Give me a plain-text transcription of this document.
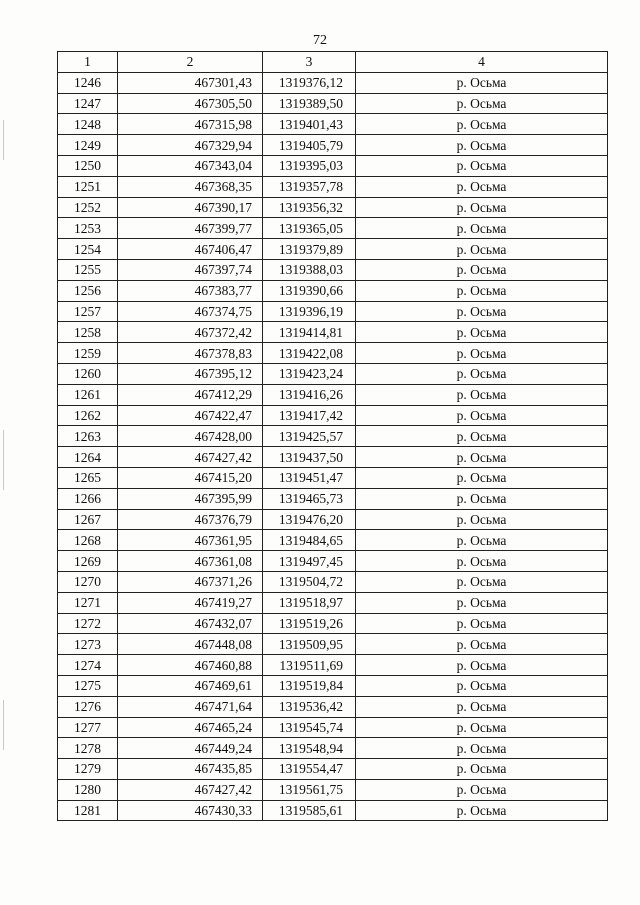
72
1	2	3	4
1246	467301,43	1319376,12	р. Осьма
1247	467305,50	1319389,50	р. Осьма
1248	467315,98	1319401,43	р. Осьма
1249	467329,94	1319405,79	р. Осьма
1250	467343,04	1319395,03	р. Осьма
1251	467368,35	1319357,78	р. Осьма
1252	467390,17	1319356,32	р. Осьма
1253	467399,77	1319365,05	р. Осьма
1254	467406,47	1319379,89	р. Осьма
1255	467397,74	1319388,03	р. Осьма
1256	467383,77	1319390,66	р. Осьма
1257	467374,75	1319396,19	р. Осьма
1258	467372,42	1319414,81	р. Осьма
1259	467378,83	1319422,08	р. Осьма
1260	467395,12	1319423,24	р. Осьма
1261	467412,29	1319416,26	р. Осьма
1262	467422,47	1319417,42	р. Осьма
1263	467428,00	1319425,57	р. Осьма
1264	467427,42	1319437,50	р. Осьма
1265	467415,20	1319451,47	р. Осьма
1266	467395,99	1319465,73	р. Осьма
1267	467376,79	1319476,20	р. Осьма
1268	467361,95	1319484,65	р. Осьма
1269	467361,08	1319497,45	р. Осьма
1270	467371,26	1319504,72	р. Осьма
1271	467419,27	1319518,97	р. Осьма
1272	467432,07	1319519,26	р. Осьма
1273	467448,08	1319509,95	р. Осьма
1274	467460,88	1319511,69	р. Осьма
1275	467469,61	1319519,84	р. Осьма
1276	467471,64	1319536,42	р. Осьма
1277	467465,24	1319545,74	р. Осьма
1278	467449,24	1319548,94	р. Осьма
1279	467435,85	1319554,47	р. Осьма
1280	467427,42	1319561,75	р. Осьма
1281	467430,33	1319585,61	р. Осьма
